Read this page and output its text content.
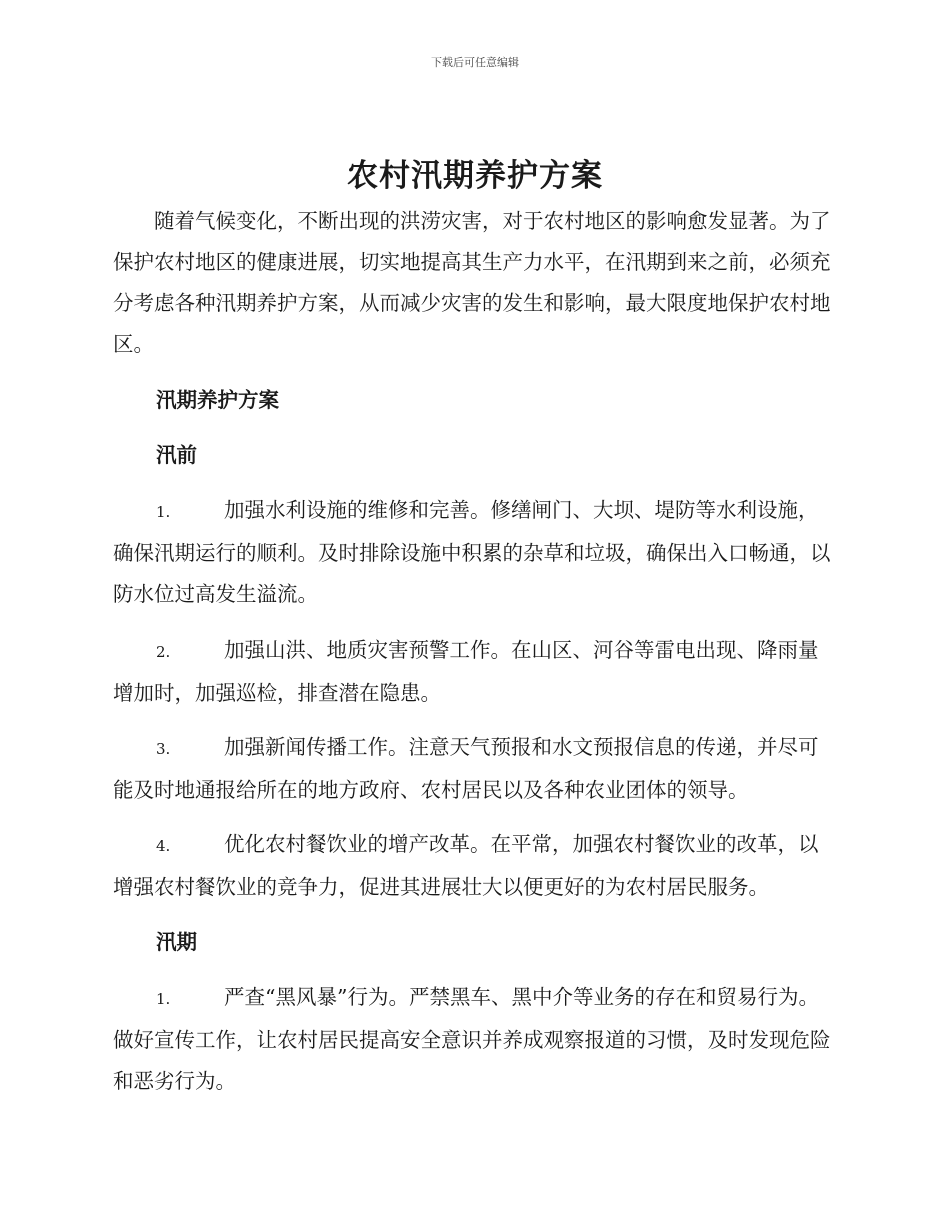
下载后可任意编辑
农村汛期养护方案

随着气候变化，不断出现的洪涝灾害，对于农村地区的影响愈发显著。为了保护农村地区的健康进展，切实地提高其生产力水平，在汛期到来之前，必须充分考虑各种汛期养护方案，从而减少灾害的发生和影响，最大限度地保护农村地区。

汛期养护方案

汛前

1.	加强水利设施的维修和完善。修缮闸门、大坝、堤防等水利设施，确保汛期运行的顺利。及时排除设施中积累的杂草和垃圾，确保出入口畅通，以防水位过高发生溢流。

2.	加强山洪、地质灾害预警工作。在山区、河谷等雷电出现、降雨量增加时，加强巡检，排查潜在隐患。

3.	加强新闻传播工作。注意天气预报和水文预报信息的传递，并尽可能及时地通报给所在的地方政府、农村居民以及各种农业团体的领导。

4.	优化农村餐饮业的增产改革。在平常，加强农村餐饮业的改革，以增强农村餐饮业的竞争力，促进其进展壮大以便更好的为农村居民服务。

汛期

1.	严查“黑风暴”行为。严禁黑车、黑中介等业务的存在和贸易行为。做好宣传工作，让农村居民提高安全意识并养成观察报道的习惯，及时发现危险和恶劣行为。
